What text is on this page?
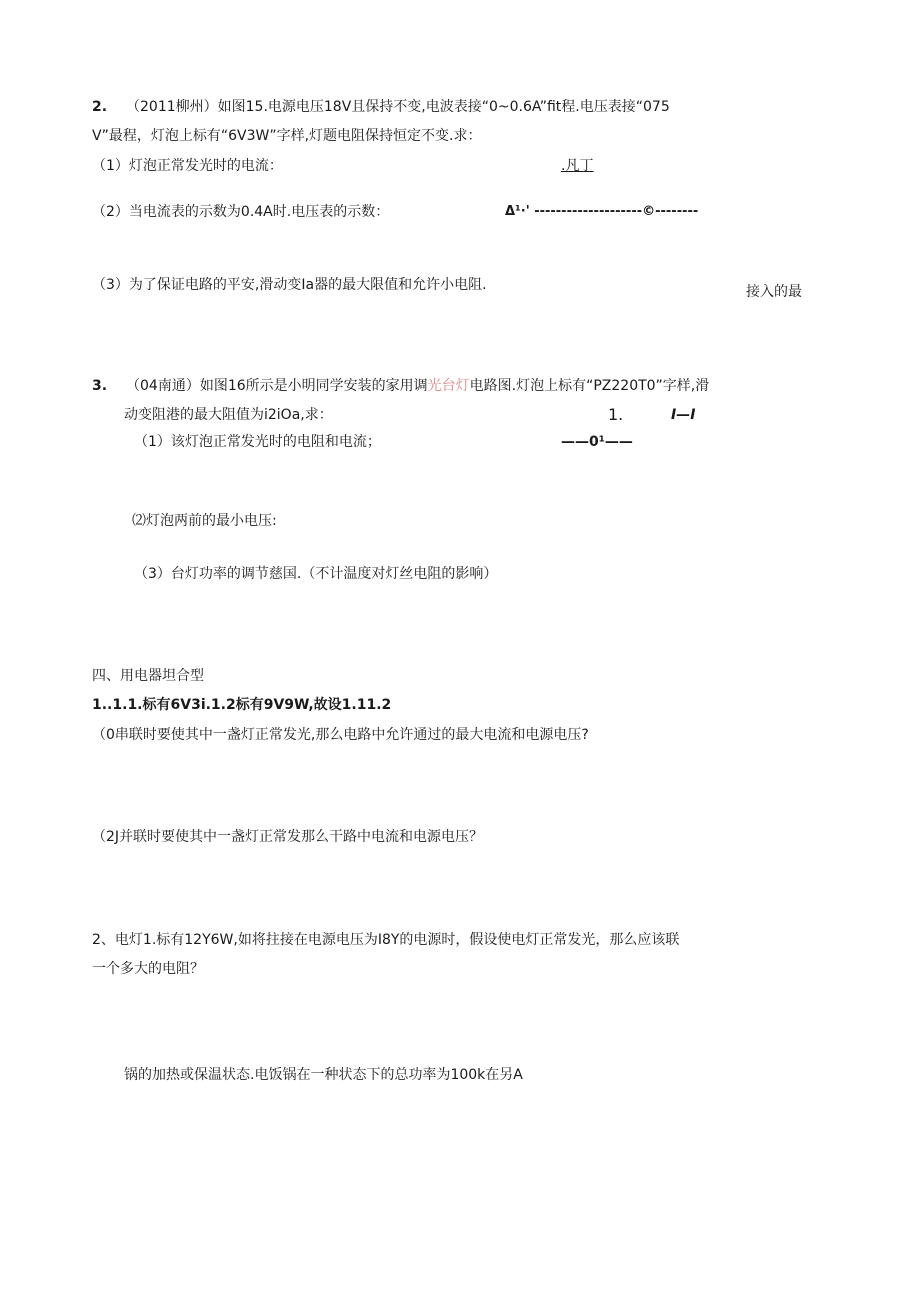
2. （2011柳州）如图15.电源电压18V且保持不变,电波表接“0~0.6A”fit程.电压表接“075
V”最程，灯泡上标有“6V3W”字样,灯题电阻保持恒定不变.求：
（1）灯泡正常发光时的电流：	.凡丁
（2）当电流表的示数为0.4A时.电压表的示数：	Δ¹·' --------------------©--------
（3）为了保证电路的平安,滑动变Ia器的最大限值和允许小电阻.	接入的最
3. （04南通）如图16所示是小明同学安装的家用调光台灯电路图.灯泡上标有“PZ220T0”字样,滑
动变阻港的最大阻值为i2iOa,求：	1.	I—I
（1）该灯泡正常发光时的电阻和电流；	——0¹——
⑵灯泡两前的最小电压:
（3）台灯功率的调节慈国.（不计温度对灯丝电阻的影响）
四、用电器坦合型
1..1.1.标有6V3i.1.2标有9V9W,故设1.11.2
（0串联时要使其中一盏灯正常发光,那么电路中允许通过的最大电流和电源电压?
（2J并联时要使其中一盏灯正常发那么干路中电流和电源电压？
2、电灯1.标有12Y6W,如将拄接在电源电压为I8Y的电源时，假设使电灯正常发光，那么应该联
一个多大的电阻？
锅的加热或保温状态.电饭锅在一种状态下的总功率为100k在另A
